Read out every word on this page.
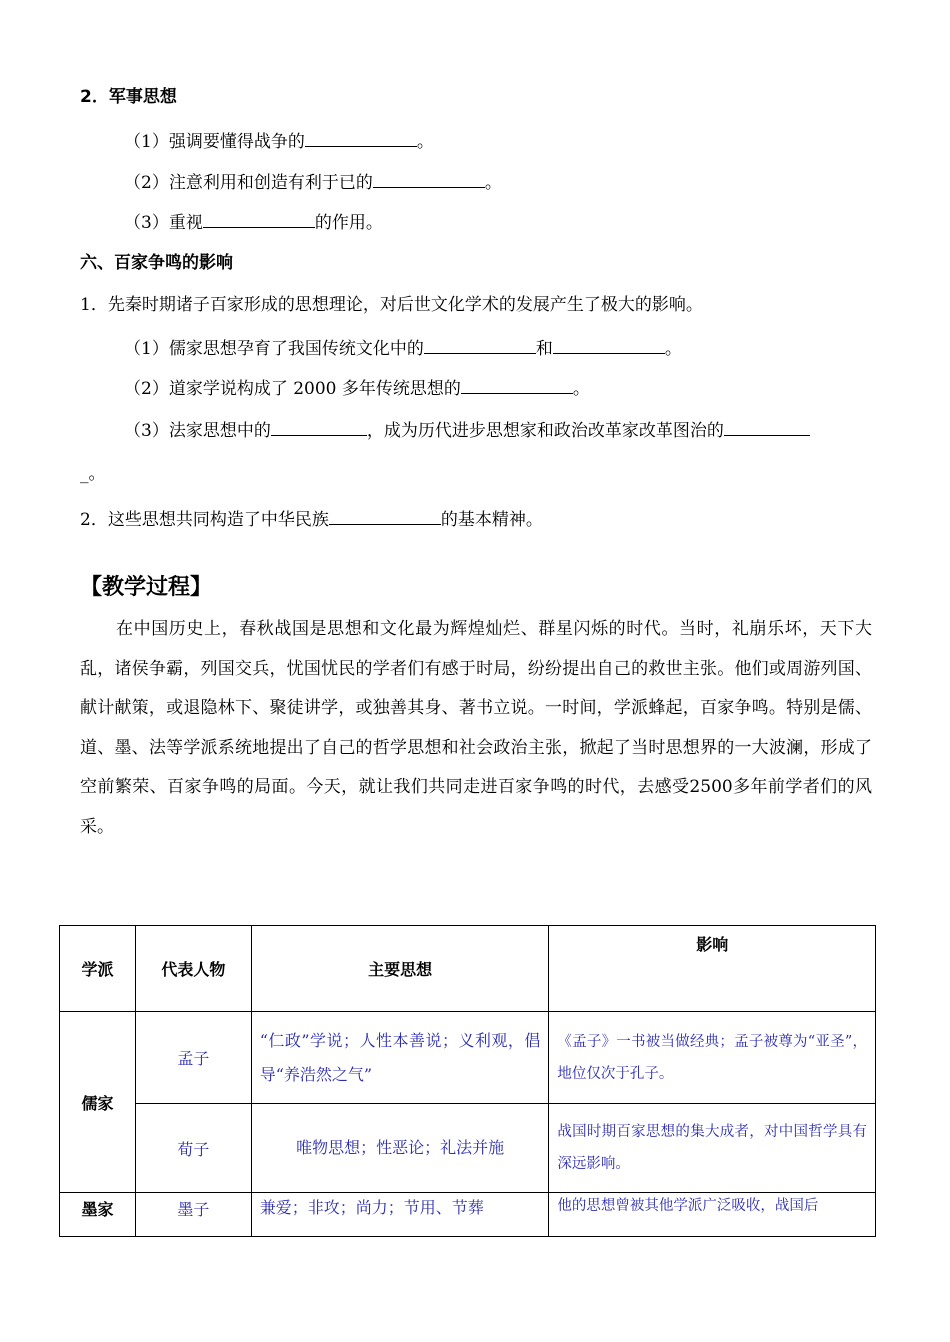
2．军事思想
（1）强调要懂得战争的	。
（2）注意利用和创造有利于已的	。
（3）重视	的作用。
六、百家争鸣的影响
1．先秦时期诸子百家形成的思想理论，对后世文化学术的发展产生了极大的影响。
（1）儒家思想孕育了我国传统文化中的	和	。
（2）道家学说构成了 2000 多年传统思想的	。
（3）法家思想中的	，成为历代进步思想家和政治改革家改革图治的
_。
2．这些思想共同构造了中华民族	的基本精神。
【教学过程】
在中国历史上，春秋战国是思想和文化最为辉煌灿烂、群星闪烁的时代。当时，礼崩乐坏，天下大乱，诸侯争霸，列国交兵，忧国忧民的学者们有感于时局，纷纷提出自己的救世主张。他们或周游列国、献计献策，或退隐林下、聚徒讲学，或独善其身、著书立说。一时间，学派蜂起，百家争鸣。特别是儒、道、墨、法等学派系统地提出了自己的哲学思想和社会政治主张，掀起了当时思想界的一大波澜，形成了空前繁荣、百家争鸣的局面。今天，就让我们共同走进百家争鸣的时代，去感受2500多年前学者们的风采。
学派	代表人物	主要思想	影响
儒家	孟子	“仁政”学说；人性本善说；义利观，倡导“养浩然之气”	《孟子》一书被当做经典；孟子被尊为“亚圣”，地位仅次于孔子。
	荀子	唯物思想；性恶论；礼法并施	战国时期百家思想的集大成者，对中国哲学具有深远影响。
墨家	墨子	兼爱；非攻；尚力；节用、节葬	他的思想曾被其他学派广泛吸收，战国后
